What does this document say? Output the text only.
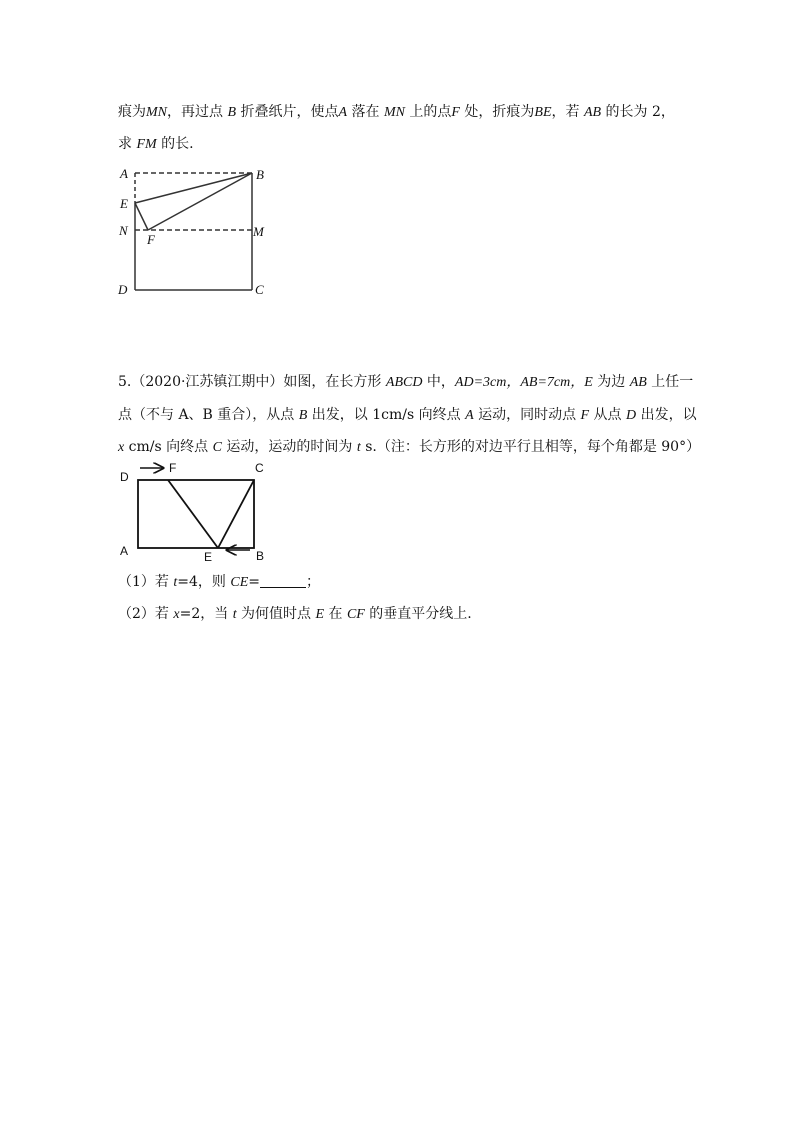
痕为MN，再过点 B 折叠纸片，使点A 落在 MN 上的点F 处，折痕为BE，若 AB 的长为 2，
求 FM 的长.
A	B
E
N
F
M
D	C
5.（2020·江苏镇江期中）如图，在长方形 ABCD 中，AD=3cm，AB=7cm，E 为边 AB 上任一
点（不与 A、B 重合），从点 B 出发，以 1cm/s 向终点 A 运动，同时动点 F 从点 D 出发，以
x cm/s 向终点 C 运动，运动的时间为 t s.（注：长方形的对边平行且相等，每个角都是 90°）
D
F	C
A	E	B
（1）若 t=4，则 CE=	；
（2）若 x=2，当 t 为何值时点 E 在 CF 的垂直平分线上.
